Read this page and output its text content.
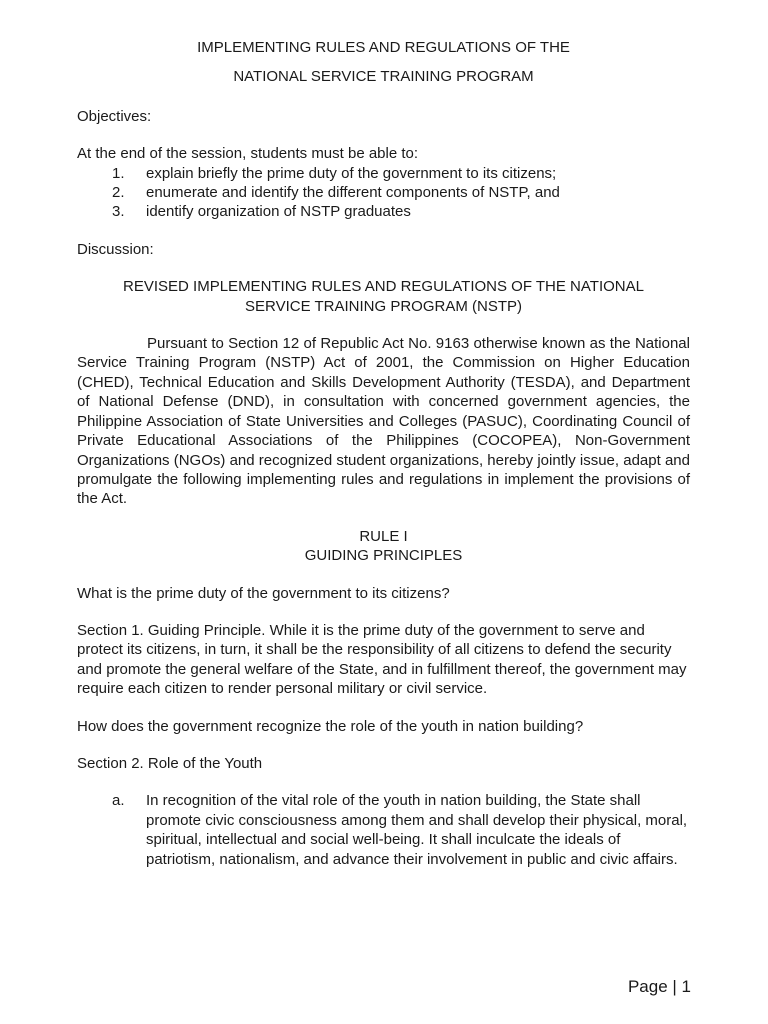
IMPLEMENTING RULES AND REGULATIONS OF THE

NATIONAL SERVICE TRAINING PROGRAM

Objectives:

At the end of the session, students must be able to:

1.	explain briefly the prime duty of the government to its citizens;
2.	enumerate and identify the different components of NSTP, and
3.	identify organization of NSTP graduates

Discussion:

REVISED IMPLEMENTING RULES AND REGULATIONS OF THE NATIONAL SERVICE TRAINING PROGRAM (NSTP)

Pursuant to Section 12 of Republic Act No. 9163 otherwise known as the National Service Training Program (NSTP) Act of 2001, the Commission on Higher Education (CHED), Technical Education and Skills Development Authority (TESDA), and Department of National Defense (DND), in consultation with concerned government agencies, the Philippine Association of State Universities and Colleges (PASUC), Coordinating Council of Private Educational Associations of the Philippines (COCOPEA), Non-Government Organizations (NGOs) and recognized student organizations, hereby jointly issue, adapt and promulgate the following implementing rules and regulations in implement the provisions of the Act.

RULE I

GUIDING PRINCIPLES

What is the prime duty of the government to its citizens?

Section 1. Guiding Principle. While it is the prime duty of the government to serve and protect its citizens, in turn, it shall be the responsibility of all citizens to defend the security and promote the general welfare of the State, and in fulfillment thereof, the government may require each citizen to render personal military or civil service.

How does the government recognize the role of the youth in nation building?

Section 2. Role of the Youth

a.	In recognition of the vital role of the youth in nation building, the State shall promote civic consciousness among them and shall develop their physical, moral, spiritual, intellectual and social well-being. It shall inculcate the ideals of patriotism, nationalism, and advance their involvement in public and civic affairs.
Page | 1
